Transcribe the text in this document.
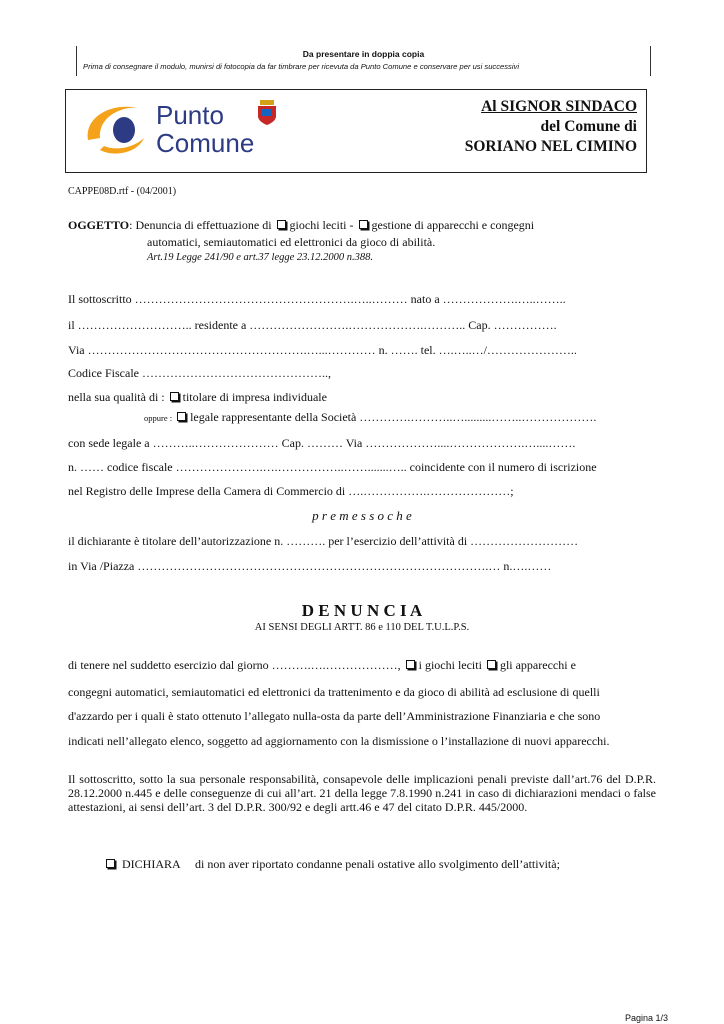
Da presentare in doppia copia
Prima di consegnare il modulo, munirsi di fotocopia da far timbrare per ricevuta da Punto Comune e conservare per usi successivi
Punto
Comune
Al SIGNOR SINDACO
del Comune di
SORIANO NEL CIMINO
CAPPE08D.rtf - (04/2001)
OGGETTO: Denuncia di effettuazione di giochi leciti - gestione di apparecchi e congegni
automatici, semiautomatici ed elettronici da gioco di abilità.
Art.19 Legge 241/90 e art.37 legge 23.12.2000 n.388.
Il sottoscritto ……………………………………………….…..……… nato a ……………….…..……..
il ……………………….. residente a …………………….……………….……….. Cap. …………….
Via ……………………………………………….…...………… n. ……. tel. ….…..…/…………………..
Codice Fiscale ………………………………………..,
nella sua qualità di : titolare di impresa individuale
oppure : legale rappresentante della Società ………….………..….........……..……………….
con sede legale a ………..………………… Cap. ……… Via ………………....……………….…....…….
n. …… codice fiscale ………………….….……………..…….......….. coincidente con il numero di iscrizione
nel Registro delle Imprese della Camera di Commercio di ….…………….…………………;
p r e m e s s o c h e
il dichiarante è titolare dell’autorizzazione n. ………. per l’esercizio dell’attività di ………………………
in Via /Piazza …………………………………………………………………………….… n.….……
D E N U N C I A
AI SENSI DEGLI ARTT. 86 e 110 DEL T.U.L.P.S.
di tenere nel suddetto esercizio dal giorno ……….….………………, i giochi leciti gli apparecchi e
congegni automatici, semiautomatici ed elettronici da trattenimento e da gioco di abilità ad esclusione di quelli
d'azzardo per i quali è stato ottenuto l’allegato nulla-osta da parte dell’Amministrazione Finanziaria e che sono
indicati nell’allegato elenco, soggetto ad aggiornamento con la dismissione o l’installazione di nuovi apparecchi.
Il sottoscritto, sotto la sua personale responsabilità, consapevole delle implicazioni penali previste dall’art.76 del D.P.R. 28.12.2000 n.445 e delle conseguenze di cui all’art. 21 della legge 7.8.1990 n.241 in caso di dichiarazioni mendaci o false attestazioni, ai sensi dell’art. 3 del D.P.R. 300/92 e degli artt.46 e 47 del citato D.P.R. 445/2000.
DICHIARA di non aver riportato condanne penali ostative allo svolgimento dell’attività;
Pagina 1/3
